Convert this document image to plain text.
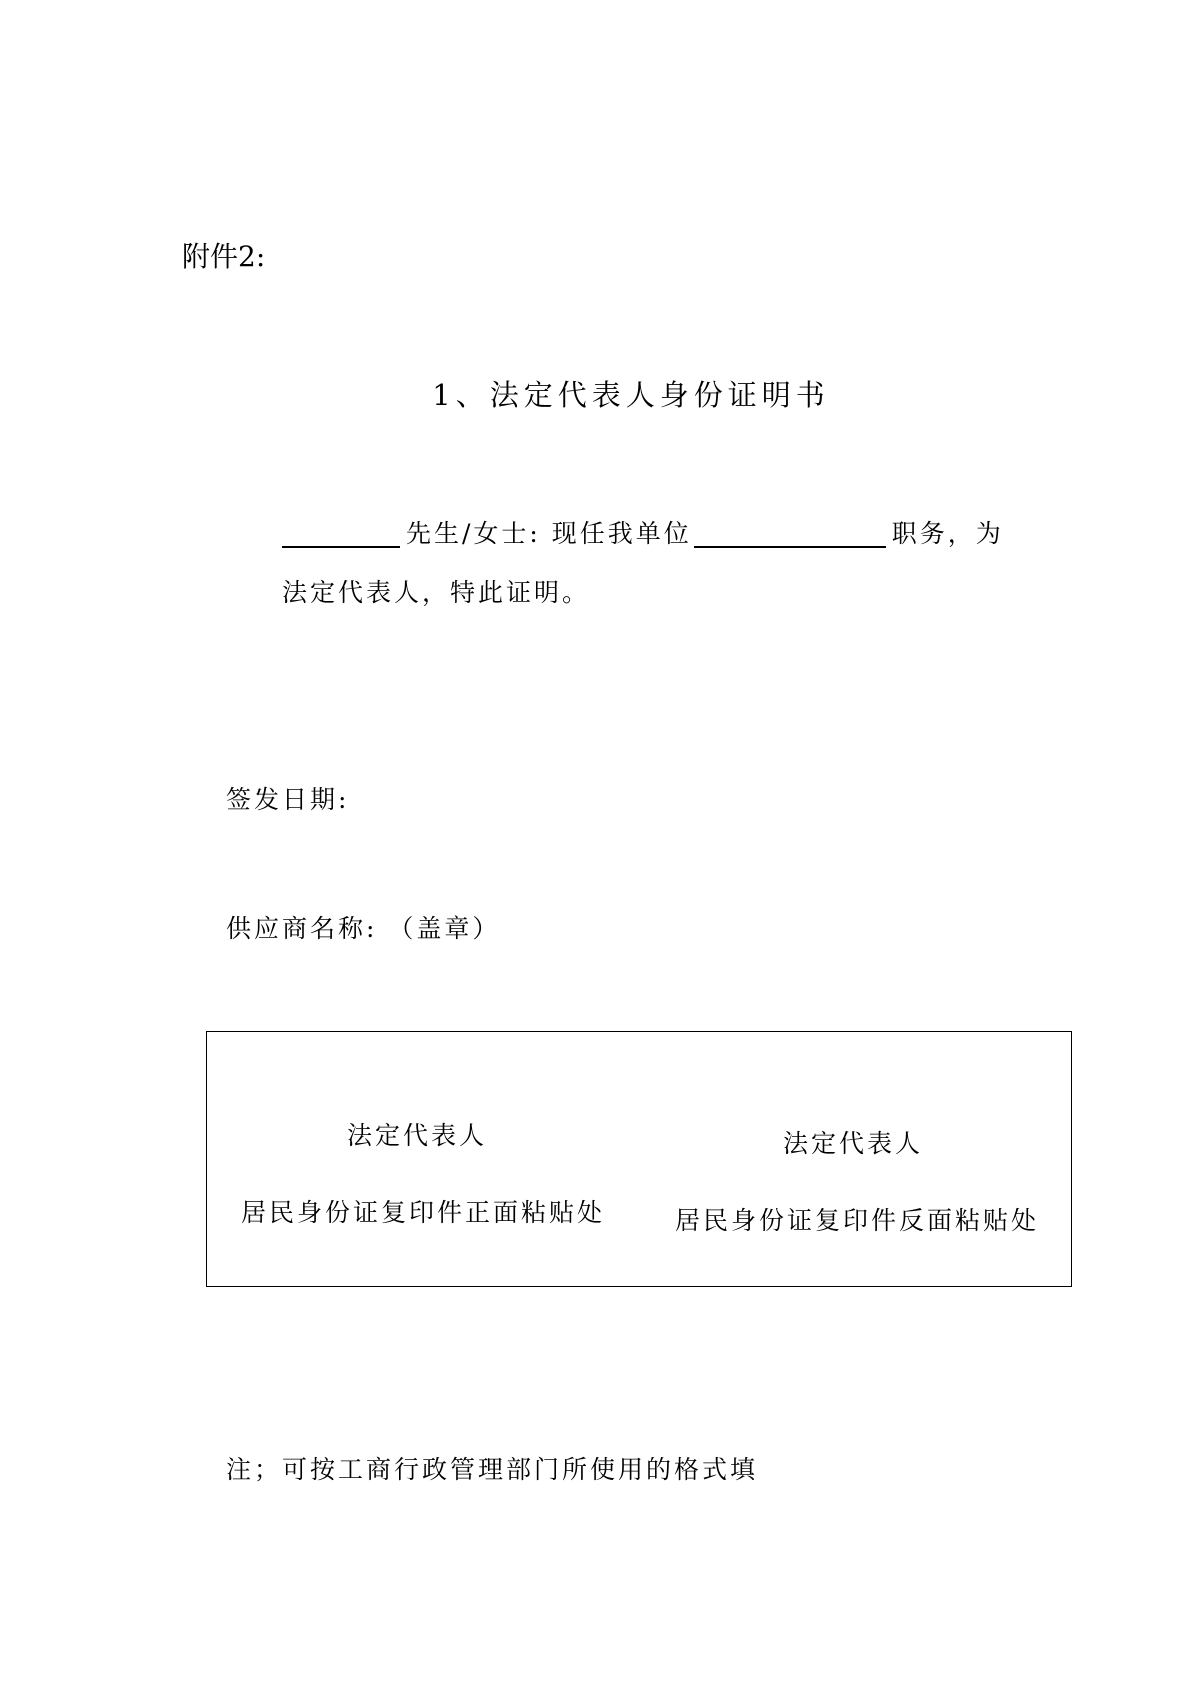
附件2:
1、法定代表人身份证明书
先生/女士: 现任我单位	职务，为
法定代表人，特此证明。
签发日期:
供应商名称: （盖章）
法定代表人
居民身份证复印件正面粘贴处
法定代表人
居民身份证复印件反面粘贴处
注；可按工商行政管理部门所使用的格式填
